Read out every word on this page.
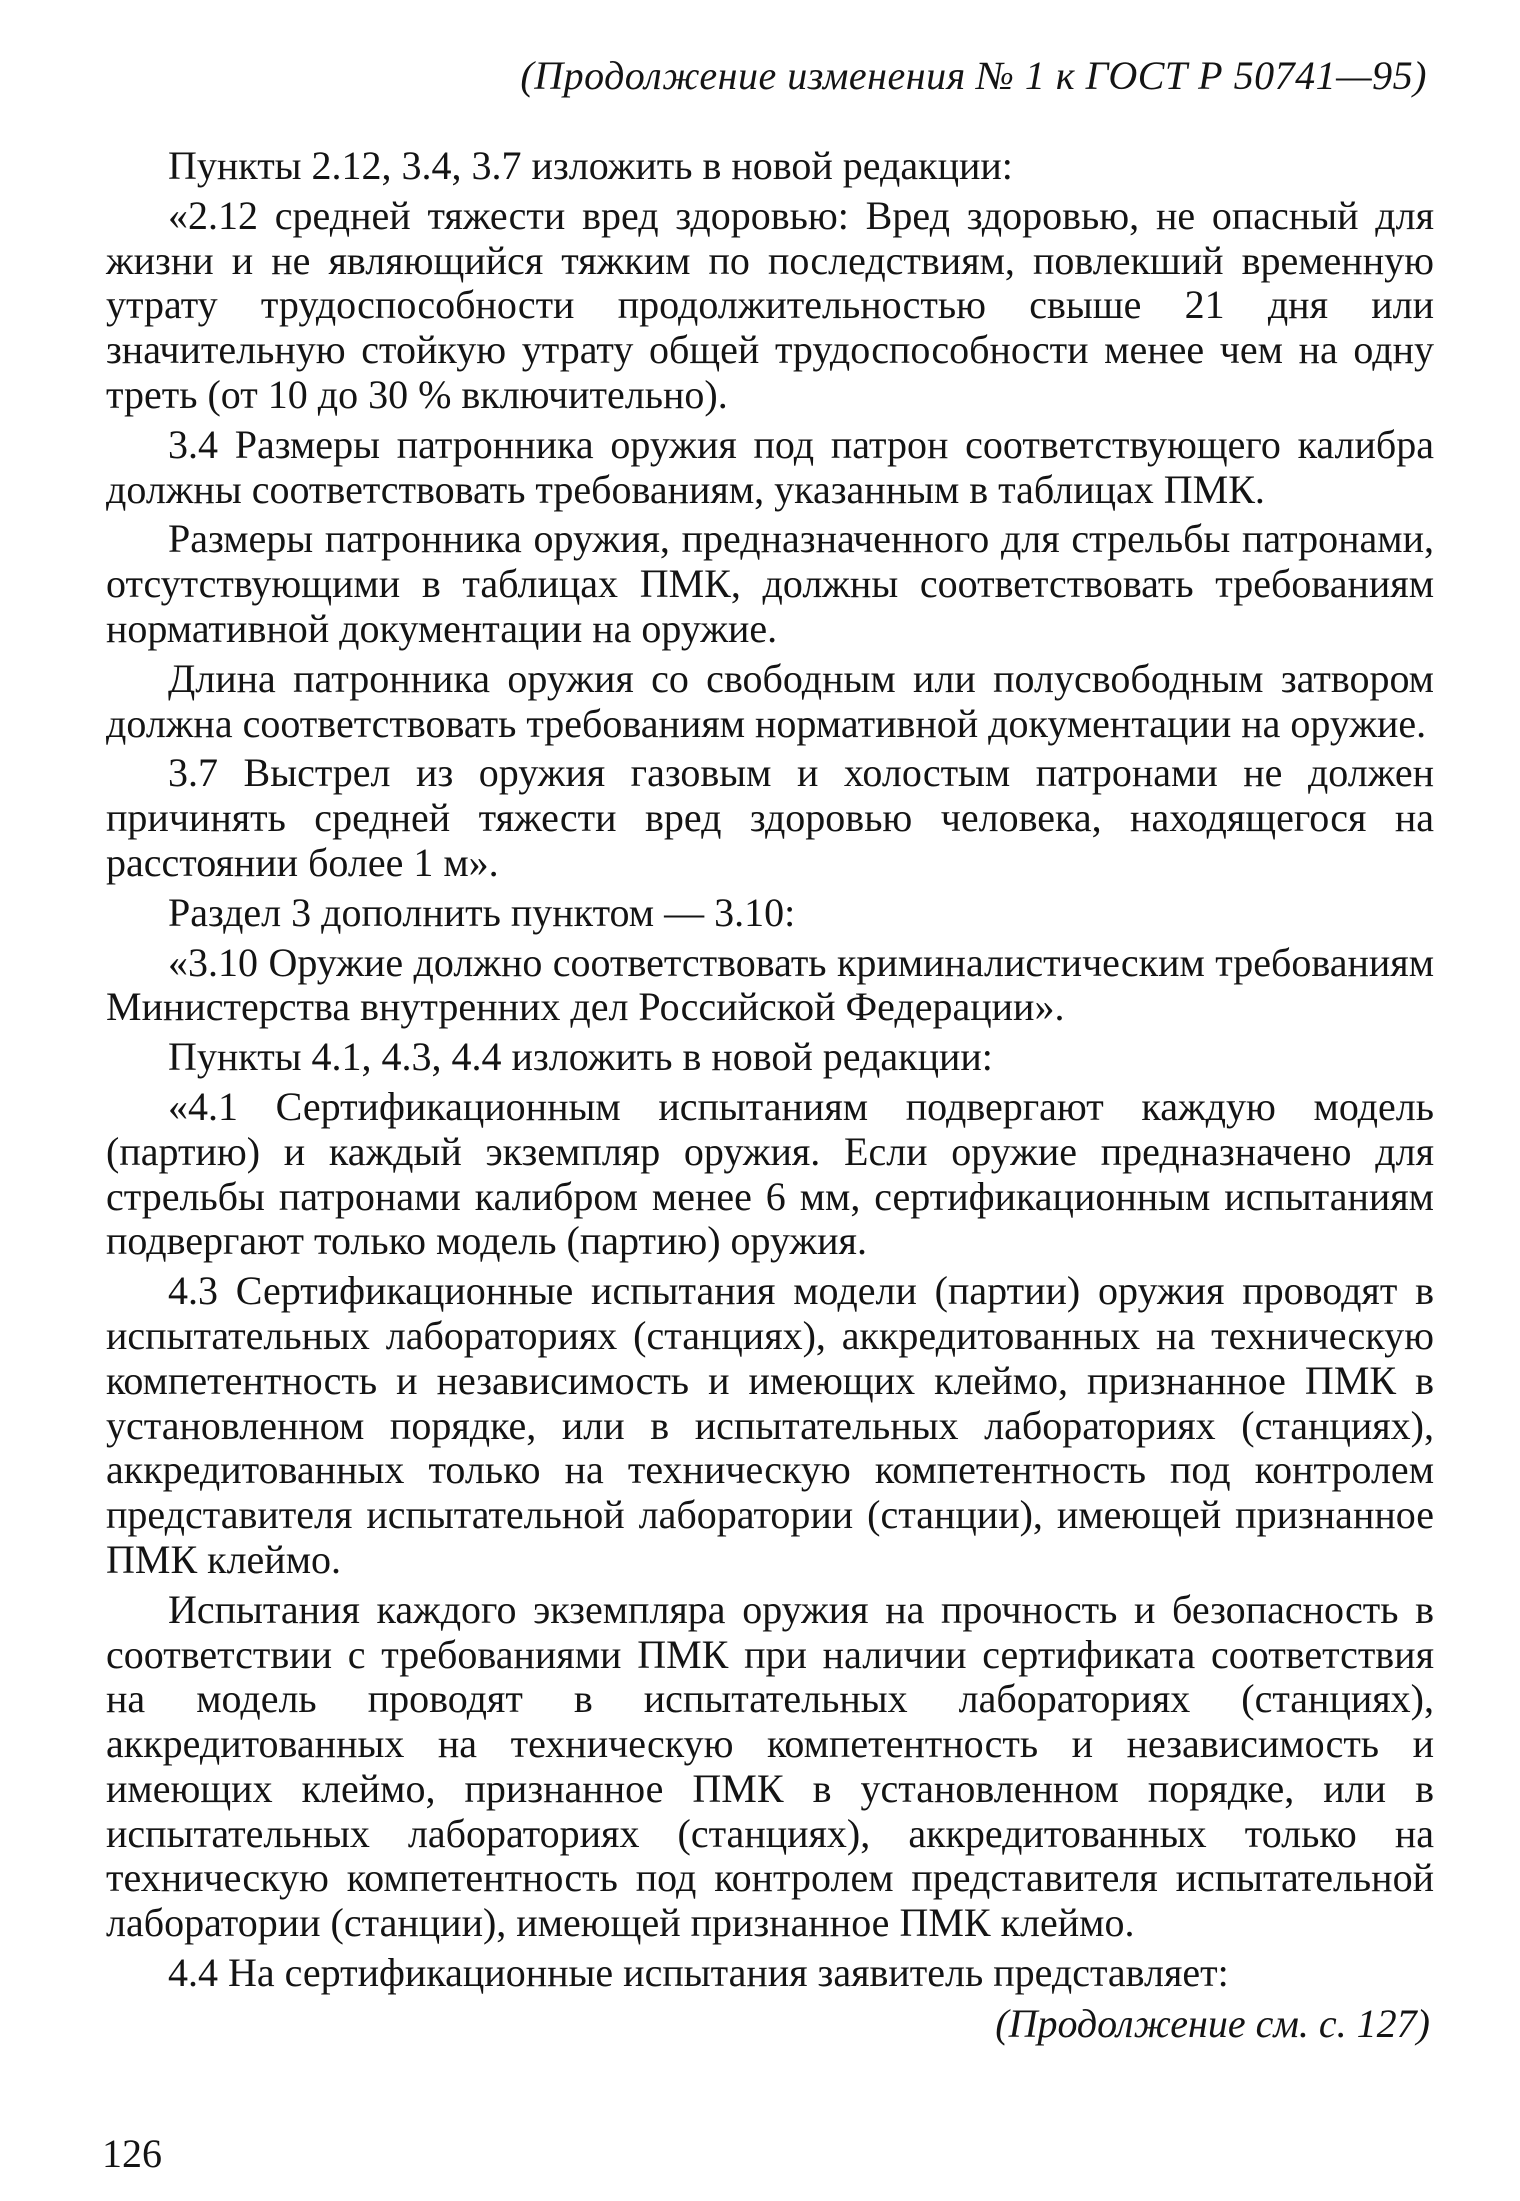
(Продолжение изменения № 1 к ГОСТ Р 50741—95)

Пункты 2.12, 3.4, 3.7 изложить в новой редакции:

«2.12 средней тяжести вред здоровью: Вред здоровью, не опасный для жизни и не являющийся тяжким по последствиям, повлекший временную утрату трудоспособности продолжительностью свыше 21 дня или значительную стойкую утрату общей трудоспособности менее чем на одну треть (от 10 до 30 % включительно).

3.4 Размеры патронника оружия под патрон соответствующего калибра должны соответствовать требованиям, указанным в таблицах ПМК.

Размеры патронника оружия, предназначенного для стрельбы патронами, отсутствующими в таблицах ПМК, должны соответствовать требованиям нормативной документации на оружие.

Длина патронника оружия со свободным или полусвободным затвором должна соответствовать требованиям нормативной документации на оружие.

3.7 Выстрел из оружия газовым и холостым патронами не должен причинять средней тяжести вред здоровью человека, находящегося на расстоянии более 1 м».

Раздел 3 дополнить пунктом — 3.10:

«3.10 Оружие должно соответствовать криминалистическим требованиям Министерства внутренних дел Российской Федерации».

Пункты 4.1, 4.3, 4.4 изложить в новой редакции:

«4.1 Сертификационным испытаниям подвергают каждую модель (партию) и каждый экземпляр оружия. Если оружие предназначено для стрельбы патронами калибром менее 6 мм, сертификационным испытаниям подвергают только модель (партию) оружия.

4.3 Сертификационные испытания модели (партии) оружия проводят в испытательных лабораториях (станциях), аккредитованных на техническую компетентность и независимость и имеющих клеймо, признанное ПМК в установленном порядке, или в испытательных лабораториях (станциях), аккредитованных только на техническую компетентность под контролем представителя испытательной лаборатории (станции), имеющей признанное ПМК клеймо.

Испытания каждого экземпляра оружия на прочность и безопасность в соответствии с требованиями ПМК при наличии сертификата соответствия на модель проводят в испытательных лабораториях (станциях), аккредитованных на техническую компетентность и независимость и имеющих клеймо, признанное ПМК в установленном порядке, или в испытательных лабораториях (станциях), аккредитованных только на техническую компетентность под контролем представителя испытательной лаборатории (станции), имеющей признанное ПМК клеймо.

4.4 На сертификационные испытания заявитель представляет:

(Продолжение см. с. 127)
126
